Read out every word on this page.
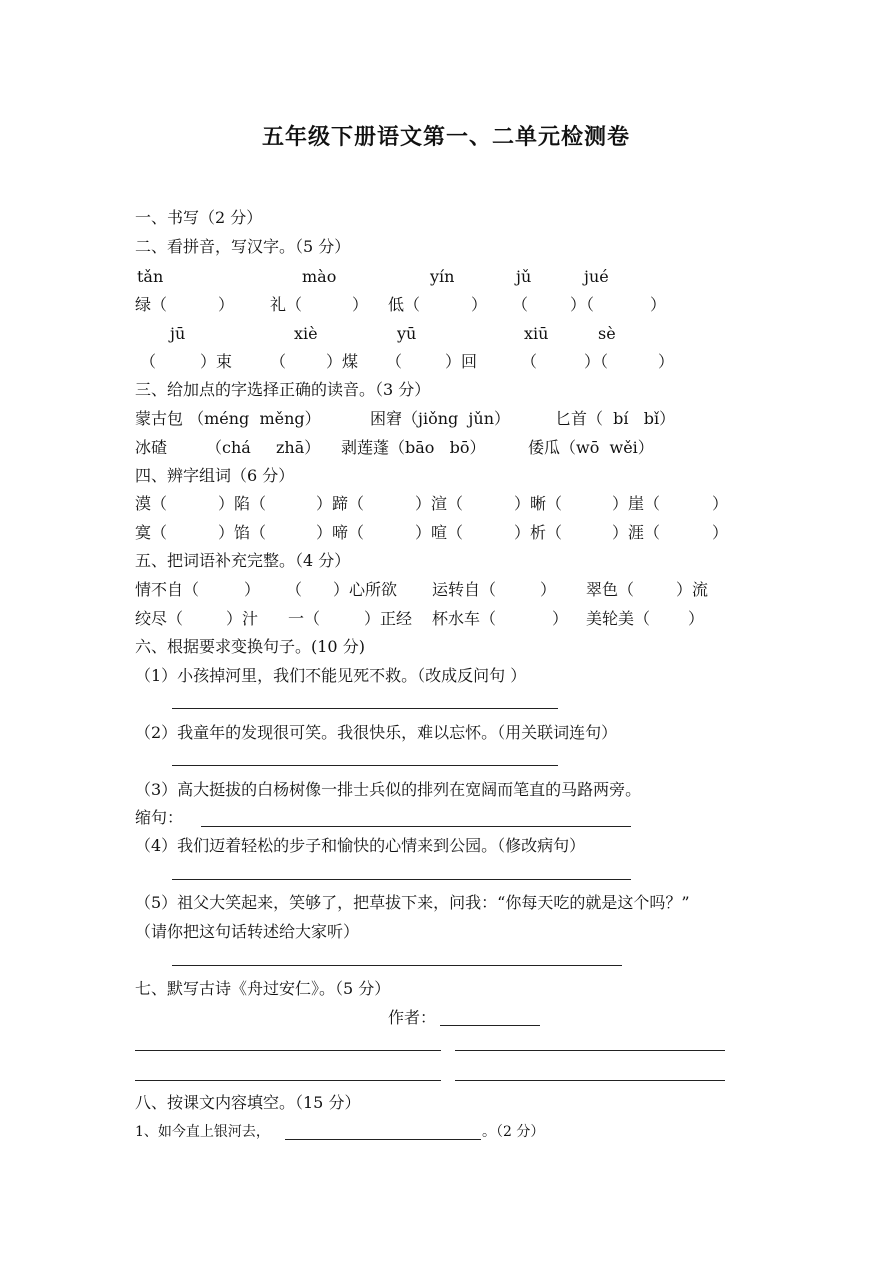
五年级下册语文第一、二单元检测卷
一、书写（2 分）
二、看拼音，写汉字。（5 分）
tǎn	mào	yín	jǔ	jué
绿（	） 礼（	） 低（	） （	）（	）
jū	xiè	yū	xiū	sè
（	）束 （ ）煤 （	）回	（	）（	）
三、给加点的字选择正确的读音。（3 分）
蒙古包 （méng  měng）	困窘（jiǒng  jǔn）	匕首（  bí   bǐ）
冰碴 （chá zhā） 剥莲蓬（bāo   bō）	倭瓜（wō  wěi）
四、辨字组词（6 分）
漠（	）陷（	）蹄（	）渲（	）晰（	）崖（	）
寞（	）馅（	）啼（	）喧（	）析（	）涯（	）
五、把词语补充完整。（4 分）
情不自（	） （ ）心所欲 运转自（	） 翠色（	）流
绞尽（	）汁 一（	）正经 杯水车（	） 美轮美（ ）
六、根据要求变换句子。(10 分)
（1）小孩掉河里，我们不能见死不救。（改成反问句 ）
（2）我童年的发现很可笑。我很快乐，难以忘怀。（用关联词连句）
（3）高大挺拔的白杨树像一排士兵似的排列在宽阔而笔直的马路两旁。
缩句：
（4）我们迈着轻松的步子和愉快的心情来到公园。（修改病句）
（5）祖父大笑起来，笑够了，把草拔下来，问我：“你每天吃的就是这个吗？”
（请你把这句话转述给大家听）
七、默写古诗《舟过安仁》。（5 分）
作者：
八、按课文内容填空。（15 分）
1、如今直上银河去，	。（2 分）
